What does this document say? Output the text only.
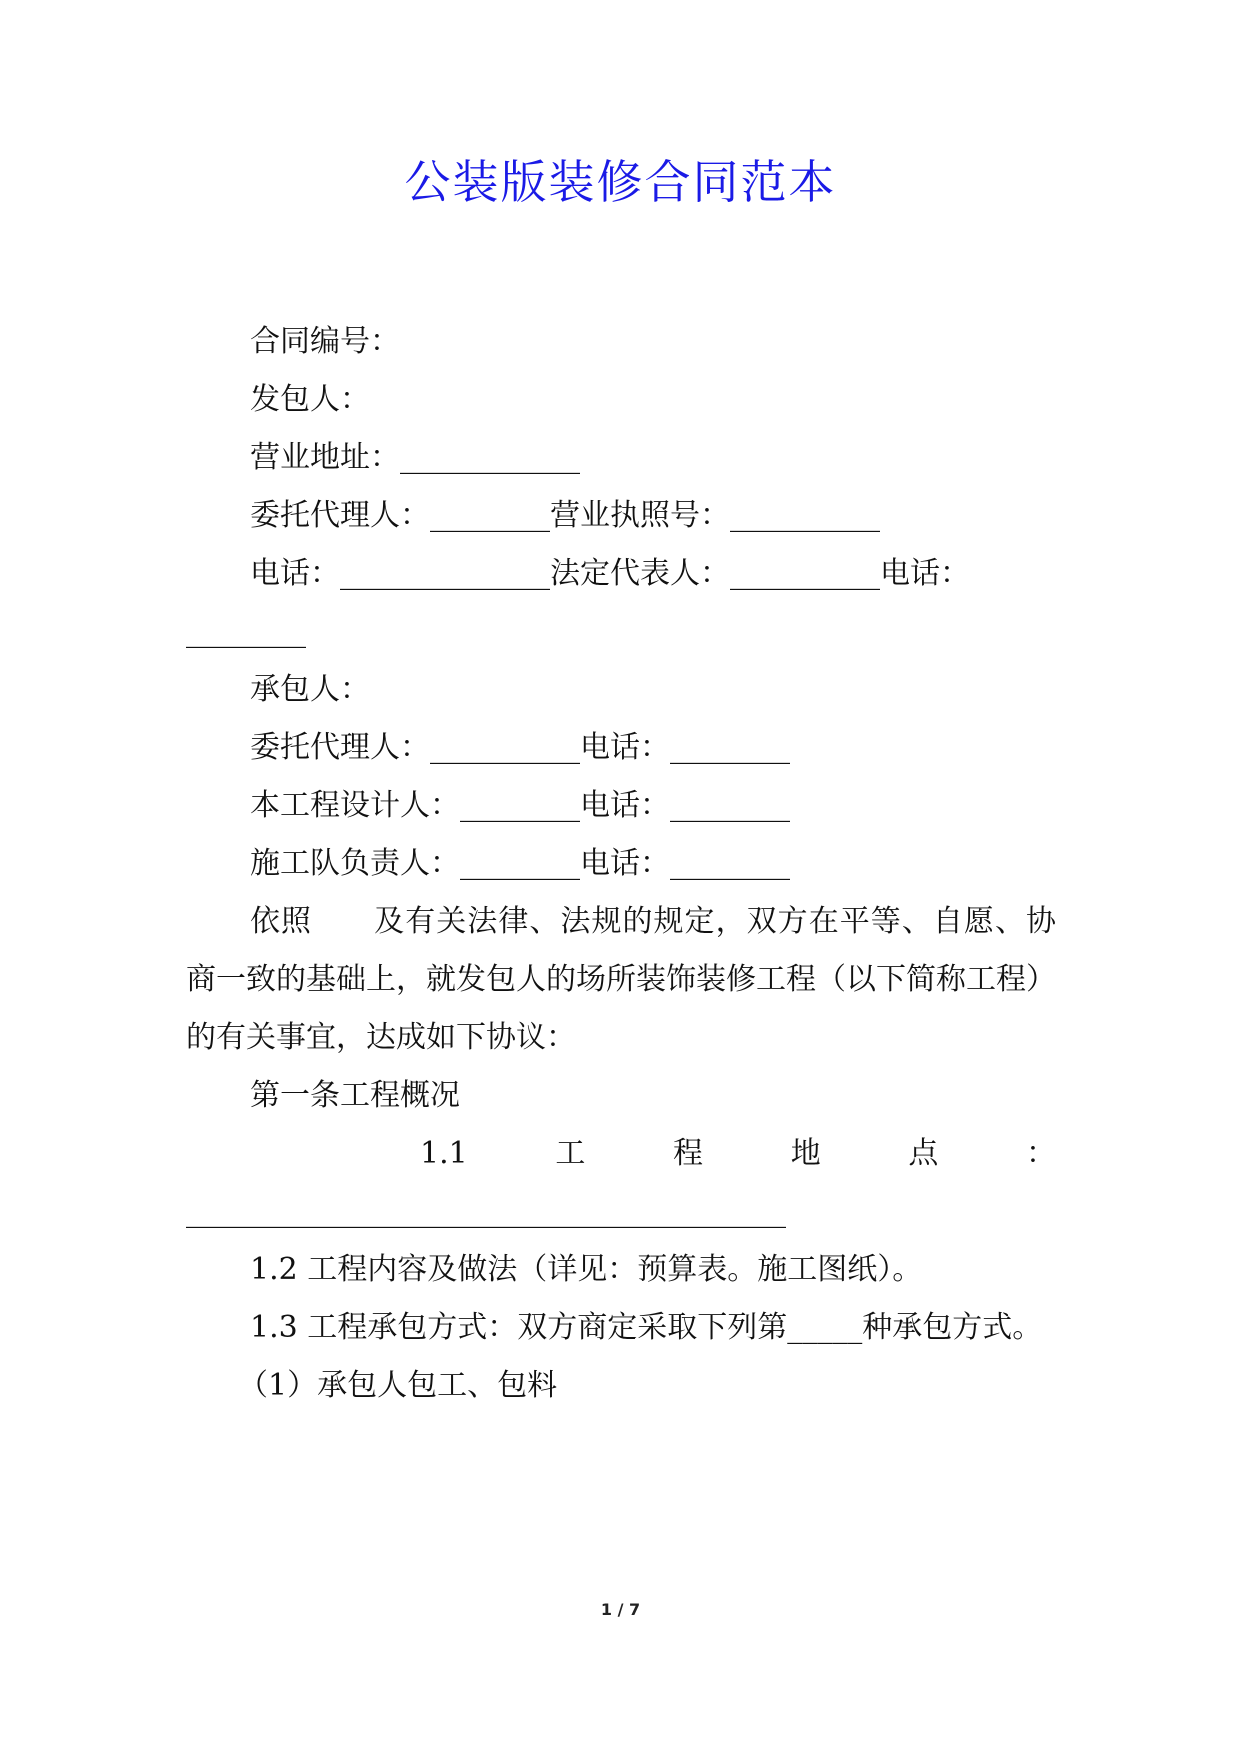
公装版装修合同范本
合同编号：
发包人：
营业地址：____________
委托代理人：________营业执照号：__________
电话：______________法定代表人：__________电话：
________
承包人：
委托代理人：__________电话：________
本工程设计人：________电话：________
施工队负责人：________电话：________
依照　　及有关法律、法规的规定，双方在平等、自愿、协
商一致的基础上，就发包人的场所装饰装修工程（以下简称工程）
的有关事宜，达成如下协议：
第一条工程概况
1.1	工	程	地	点	：
________________________________________
1.2 工程内容及做法（详见：预算表。施工图纸）。
1.3 工程承包方式：双方商定采取下列第_____种承包方式。
（1）承包人包工、包料
1 / 7
